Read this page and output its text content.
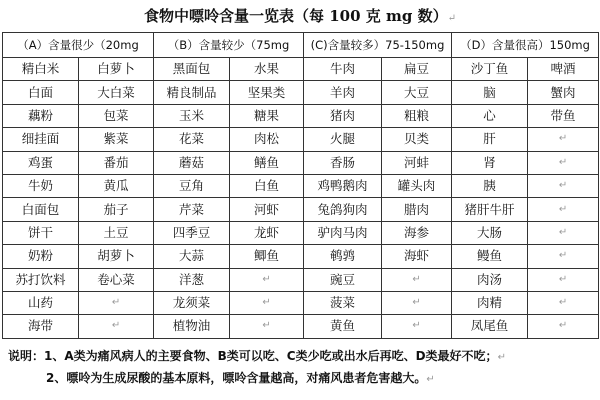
食物中嘌呤含量一览表（每 100 克 mg 数）↵
（A）含量很少（20mg		（B）含量较少（75mg		(C)含量较多）75-150mg		（D）含量很高）150mg	
精白米	白萝卜	黑面包	水果	牛肉	扁豆	沙丁鱼	啤酒
白面	大白菜	精良制品	坚果类	羊肉	大豆	脑	蟹肉
藕粉	包菜	玉米	糖果	猪肉	粗粮	心	带鱼
细挂面	紫菜	花菜	肉松	火腿	贝类	肝	↵
鸡蛋	番茄	蘑菇	鳝鱼	香肠	河蚌	肾	↵
牛奶	黄瓜	豆角	白鱼	鸡鸭鹅肉	罐头肉	胰	↵
白面包	茄子	芹菜	河虾	兔鸽狗肉	腊肉	猪肝牛肝	↵
饼干	土豆	四季豆	龙虾	驴肉马肉	海参	大肠	↵
奶粉	胡萝卜	大蒜	鲫鱼	鹌鹑	海虾	鳗鱼	↵
苏打饮料	卷心菜	洋葱	↵	豌豆	↵	肉汤	↵
山药	↵	龙须菜	↵	菠菜	↵	肉精	↵
海带	↵	植物油	↵	黄鱼	↵	凤尾鱼	↵
说明：1、A类为痛风病人的主要食物、B类可以吃、C类少吃或出水后再吃、D类最好不吃；↵
2、嘌呤为生成尿酸的基本原料，嘌呤含量越高，对痛风患者危害越大。↵
